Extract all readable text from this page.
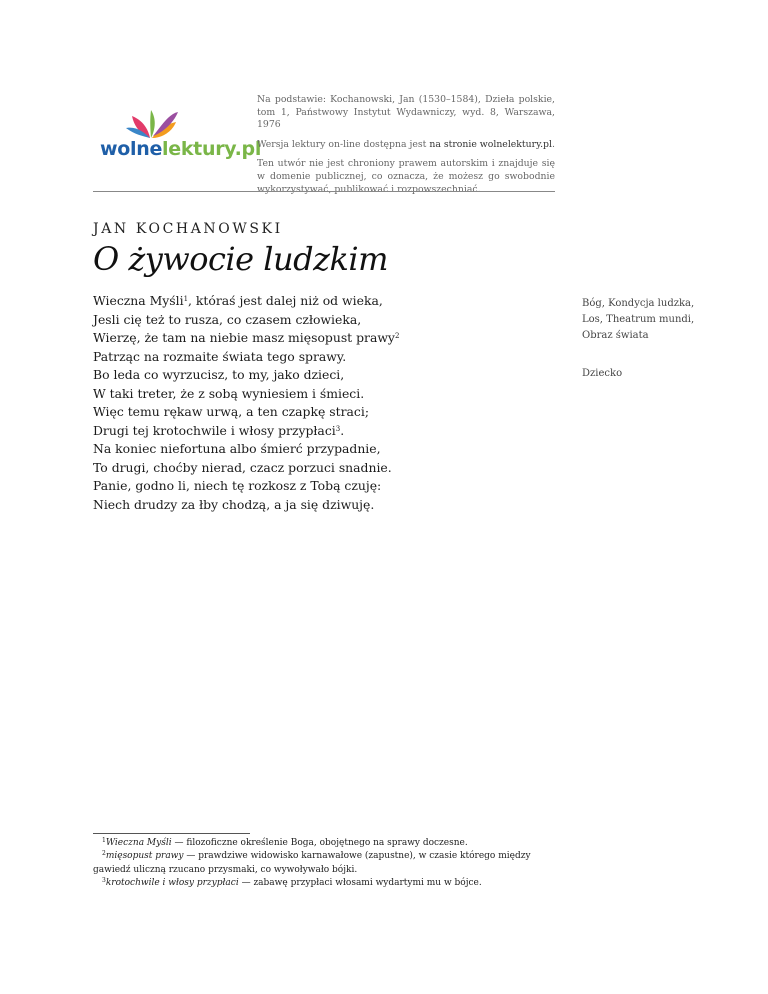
wolnelektury.pl

Na podstawie: Kochanowski, Jan (1530–1584), Dzieła polskie, tom 1, Państwowy Instytut Wydawniczy, wyd. 8, Warszawa, 1976

Wersja lektury on-line dostępna jest na stronie wolnelektury.pl.

Ten utwór nie jest chroniony prawem autorskim i znajduje się w domenie publicznej, co oznacza, że możesz go swobodnie wykorzystywać, publikować i rozpowszechniać.

JAN KOCHANOWSKI
O żywocie ludzkim
Wieczna Myśli$^1$, któraś jest dalej niż od wieka,
Jesli cię też to rusza, co czasem człowieka,
Wierzę, że tam na niebie masz mięsopust prawy$^2$
Patrząc na rozmaite świata tego sprawy.
Bo leda co wyrzucisz, to my, jako dzieci,
W taki treter, że z sobą wyniesiem i śmieci.
Więc temu rękaw urwą, a ten czapkę straci;
Drugi tej krotochwile i włosy przypłaci$^3$.
Na koniec niefortuna albo śmierć przypadnie,
To drugi, choćby nierad, czacz porzuci snadnie.
Panie, godno li, niech tę rozkosz z Tobą czuję:
Niech drudzy za łby chodzą, a ja się dziwuję.
Bóg, Kondycja ludzka,
Los, Theatrum mundi,
Obraz świata
Dziecko
$^1$Wieczna Myśli — filozoficzne określenie Boga, obojętnego na sprawy doczesne.
$^2$mięsopust prawy — prawdziwe widowisko karnawałowe (zapustne), w czasie którego między gawiedź uliczną rzucano przysmaki, co wywoływało bójki.
$^3$krotochwile i włosy przypłaci — zabawę przypłaci włosami wydartymi mu w bójce.
